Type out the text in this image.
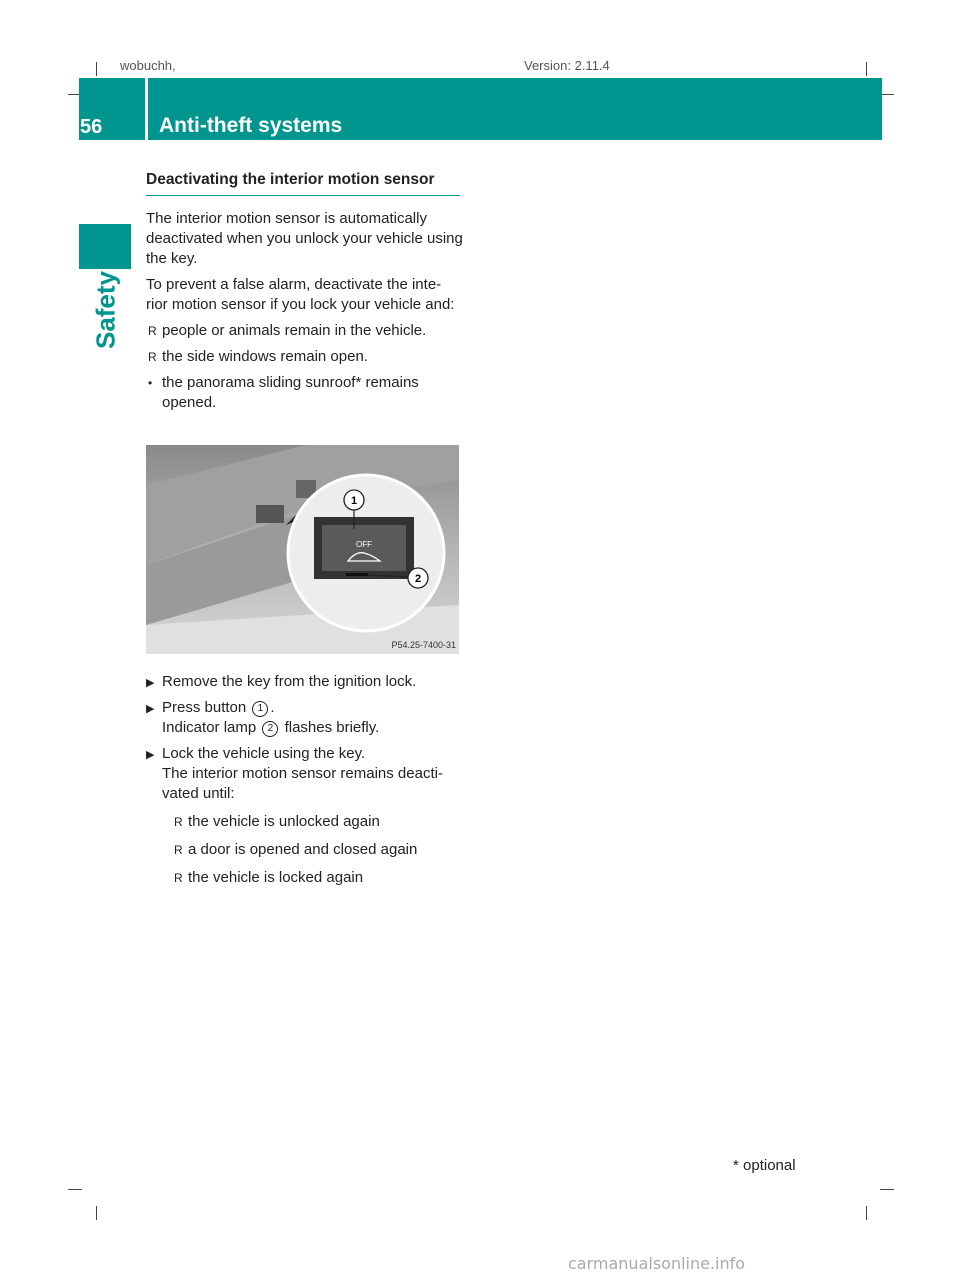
wobuchh,	Version: 2.11.4
56	Anti-theft systems
Safety
Deactivating the interior motion sensor

The interior motion sensor is automatically deactivated when you unlock your vehicle using the key.

To prevent a false alarm, deactivate the inte- rior motion sensor if you lock your vehicle and:

R people or animals remain in the vehicle.
R the side windows remain open.
• the panorama sliding sunroof* remains opened.
OFF
1
2
P54.25-7400-31
▶ Remove the key from the ignition lock.
▶ Press button 1 .
Indicator lamp 2 flashes briefly.
▶ Lock the vehicle using the key.
The interior motion sensor remains deacti- vated until:
R the vehicle is unlocked again
R a door is opened and closed again
R the vehicle is locked again
* optional
carmanualsonline.info
